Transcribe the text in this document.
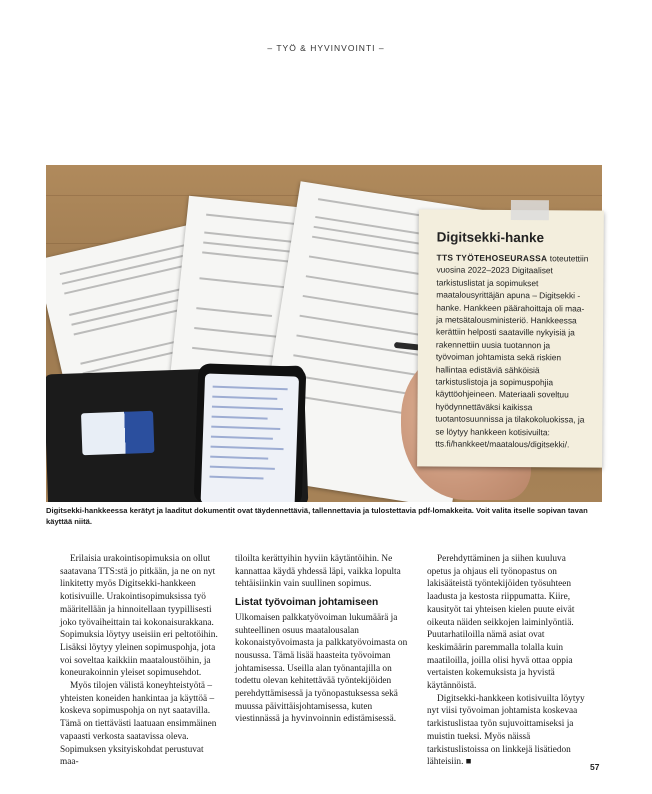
– TYÖ & HYVINVOINTI –
Digitsekki-hanke
TTS TYÖTEHOSEURASSA toteutettiin vuosina 2022–2023 Digitaaliset tarkistuslistat ja sopimukset maatalousyrittäjän apuna – Digitsekki -hanke. Hankkeen päärahoittaja oli maa- ja metsätalousministeriö. Hankkeessa kerättiin helposti saataville nykyisiä ja rakennettiin uusia tuotannon ja työvoiman johtamista sekä riskien hallintaa edistäviä sähköisiä tarkistuslistoja ja sopimuspohjia käyttöohjeineen. Materiaali soveltuu hyödynnettäväksi kaikissa tuotantosuunnissa ja tilakokoluokissa, ja se löytyy hankkeen kotisivuilta: tts.fi/hankkeet/maatalous/digitsekki/.
Digitsekki-hankkeessa kerätyt ja laaditut dokumentit ovat täydennettäviä, tallennettavia ja tulostettavia pdf-lomakkeita. Voit valita itselle sopivan tavan käyttää niitä.

Erilaisia urakointisopimuksia on ollut saatavana TTS:stä jo pitkään, ja ne on nyt linkitetty myös Digitsekki-hankkeen kotisivuille. Urakointisopimuksissa työ määritellään ja hinnoitellaan tyypillisesti joko työvaiheittain tai kokonaisurakkana. Sopimuksia löytyy useisiin eri peltotöihin. Lisäksi löytyy yleinen sopimuspohja, jota voi soveltaa kaikkiin maataloustöihin, ja koneurakoinnin yleiset sopimusehdot.

Myös tilojen välistä koneyhteistyötä – yhteisten koneiden hankintaa ja käyttöä – koskeva sopimuspohja on nyt saatavilla. Tämä on tiettävästi laatuaan ensimmäinen vapaasti verkosta saatavissa oleva. Sopimuksen yksityiskohdat perustuvat maa-

tiloilta kerättyihin hyviin käytäntöihin. Ne kannattaa käydä yhdessä läpi, vaikka lopulta tehtäisiinkin vain suullinen sopimus.

Listat työvoiman johtamiseen

Ulkomaisen palkkatyövoiman lukumäärä ja suhteellinen osuus maatalousalan kokonaistyövoimasta ja palkkatyövoimasta on nousussa. Tämä lisää haasteita työvoiman johtamisessa. Useilla alan työnantajilla on todettu olevan kehitettävää työntekijöiden perehdyttämisessä ja työnopastuksessa sekä muussa päivittäisjohtamisessa, kuten viestinnässä ja hyvinvoinnin edistämisessä.

Perehdyttäminen ja siihen kuuluva opetus ja ohjaus eli työnopastus on lakisääteistä työntekijöiden työsuhteen laadusta ja kestosta riippumatta. Kiire, kausityöt tai yhteisen kielen puute eivät oikeuta näiden seikkojen laiminlyöntiä. Puutarhatiloilla nämä asiat ovat keskimäärin paremmalla tolalla kuin maatiloilla, joilla olisi hyvä ottaa oppia vertaisten kokemuksista ja hyvistä käytännöistä.

Digitsekki-hankkeen kotisivuilta löytyy nyt viisi työvoiman johtamista koskevaa tarkistuslistaa työn sujuvoittamiseksi ja muistin tueksi. Myös näissä tarkistuslistoissa on linkkejä lisätiedon lähteisiin. ■	57
